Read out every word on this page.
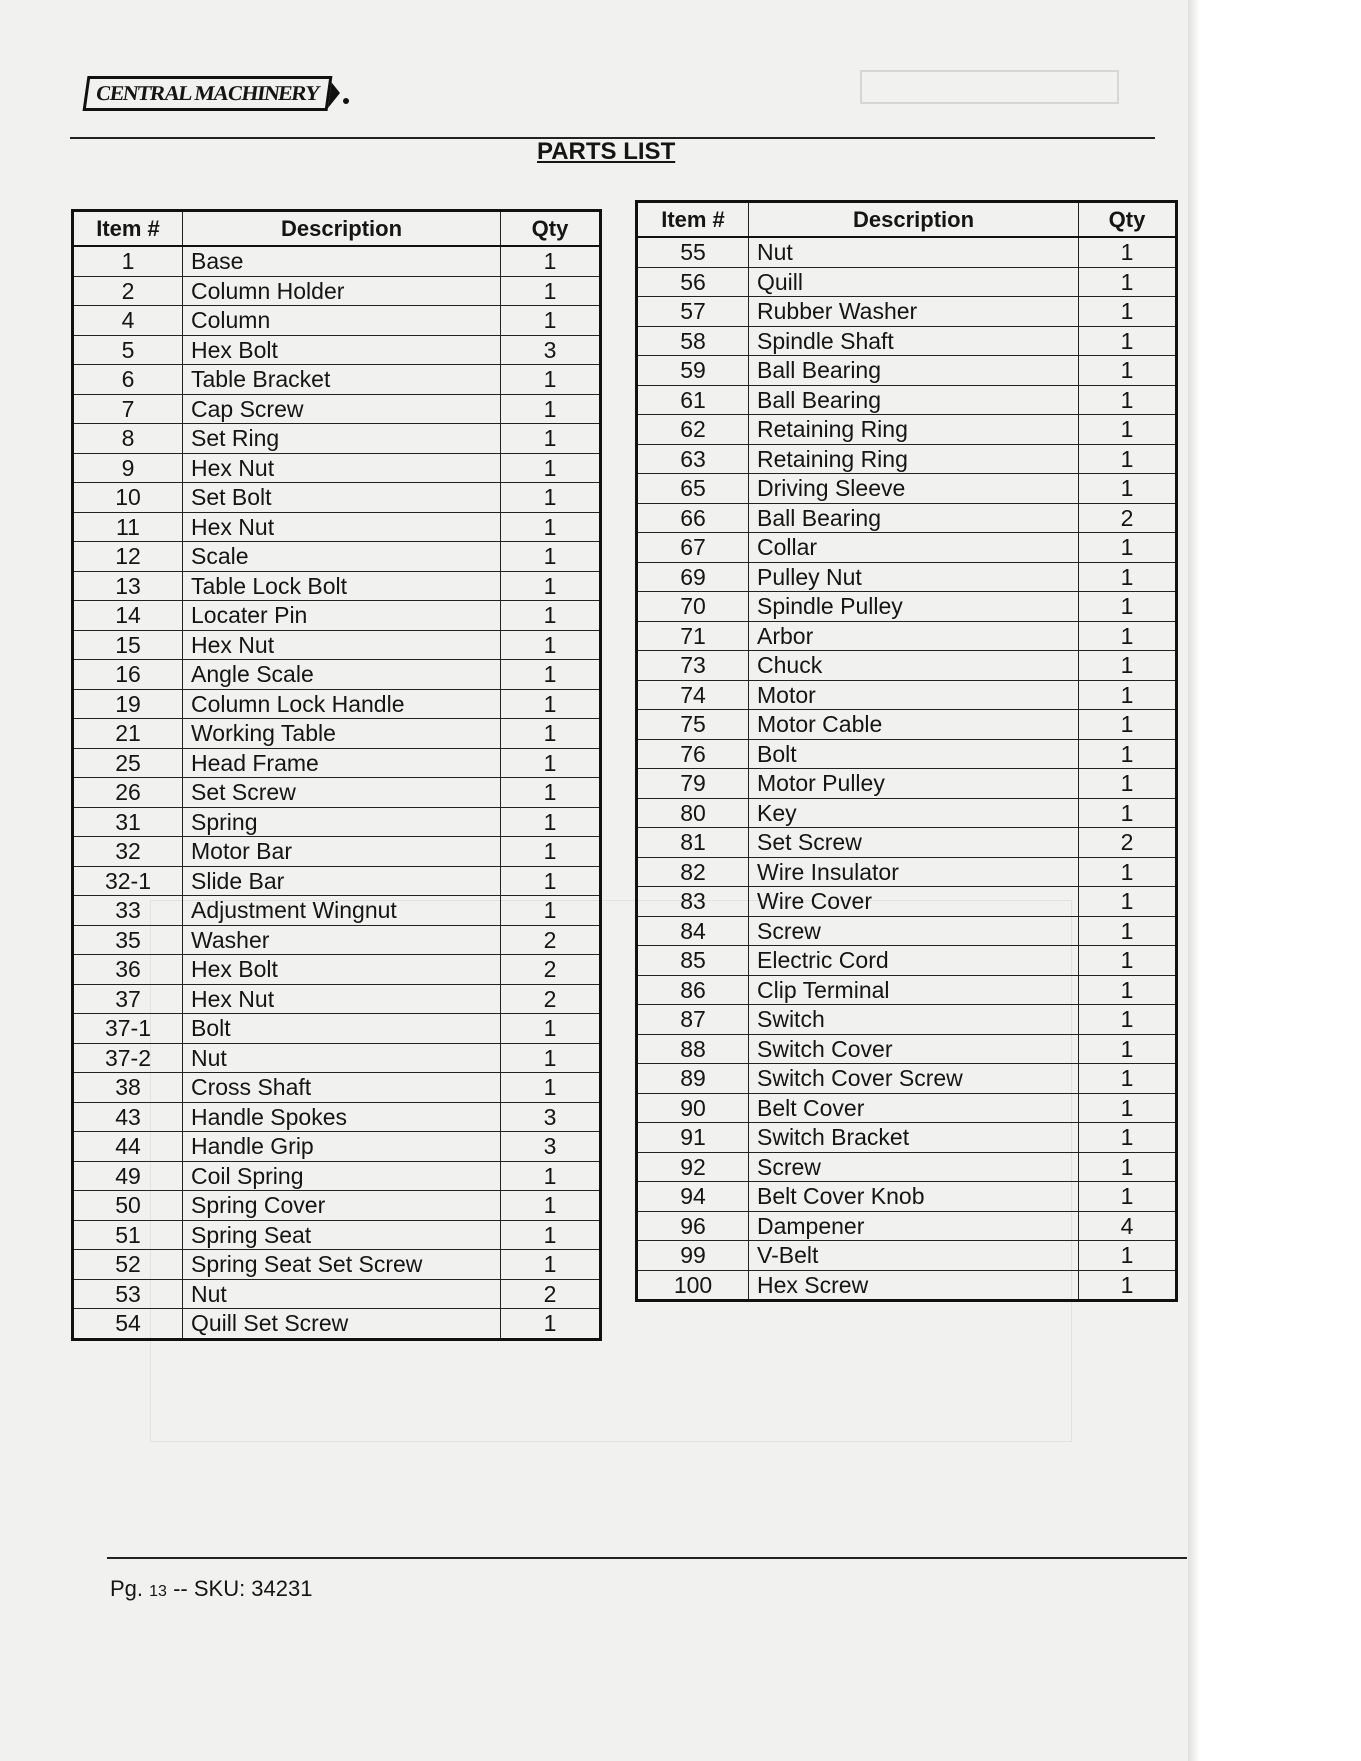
CENTRAL MACHINERY
PARTS LIST
Item #	Description	Qty
1	Base	1
2	Column Holder	1
4	Column	1
5	Hex Bolt	3
6	Table Bracket	1
7	Cap Screw	1
8	Set Ring	1
9	Hex Nut	1
10	Set Bolt	1
11	Hex Nut	1
12	Scale	1
13	Table Lock Bolt	1
14	Locater Pin	1
15	Hex Nut	1
16	Angle Scale	1
19	Column Lock Handle	1
21	Working Table	1
25	Head Frame	1
26	Set Screw	1
31	Spring	1
32	Motor Bar	1
32-1	Slide Bar	1
33	Adjustment Wingnut	1
35	Washer	2
36	Hex Bolt	2
37	Hex Nut	2
37-1	Bolt	1
37-2	Nut	1
38	Cross Shaft	1
43	Handle Spokes	3
44	Handle Grip	3
49	Coil Spring	1
50	Spring Cover	1
51	Spring Seat	1
52	Spring Seat Set Screw	1
53	Nut	2
54	Quill Set Screw	1
Item #	Description	Qty
55	Nut	1
56	Quill	1
57	Rubber Washer	1
58	Spindle Shaft	1
59	Ball Bearing	1
61	Ball Bearing	1
62	Retaining Ring	1
63	Retaining Ring	1
65	Driving Sleeve	1
66	Ball Bearing	2
67	Collar	1
69	Pulley Nut	1
70	Spindle Pulley	1
71	Arbor	1
73	Chuck	1
74	Motor	1
75	Motor Cable	1
76	Bolt	1
79	Motor Pulley	1
80	Key	1
81	Set Screw	2
82	Wire Insulator	1
83	Wire Cover	1
84	Screw	1
85	Electric Cord	1
86	Clip Terminal	1
87	Switch	1
88	Switch Cover	1
89	Switch Cover Screw	1
90	Belt Cover	1
91	Switch Bracket	1
92	Screw	1
94	Belt Cover Knob	1
96	Dampener	4
99	V-Belt	1
100	Hex Screw	1
Pg. 13 -- SKU: 34231
